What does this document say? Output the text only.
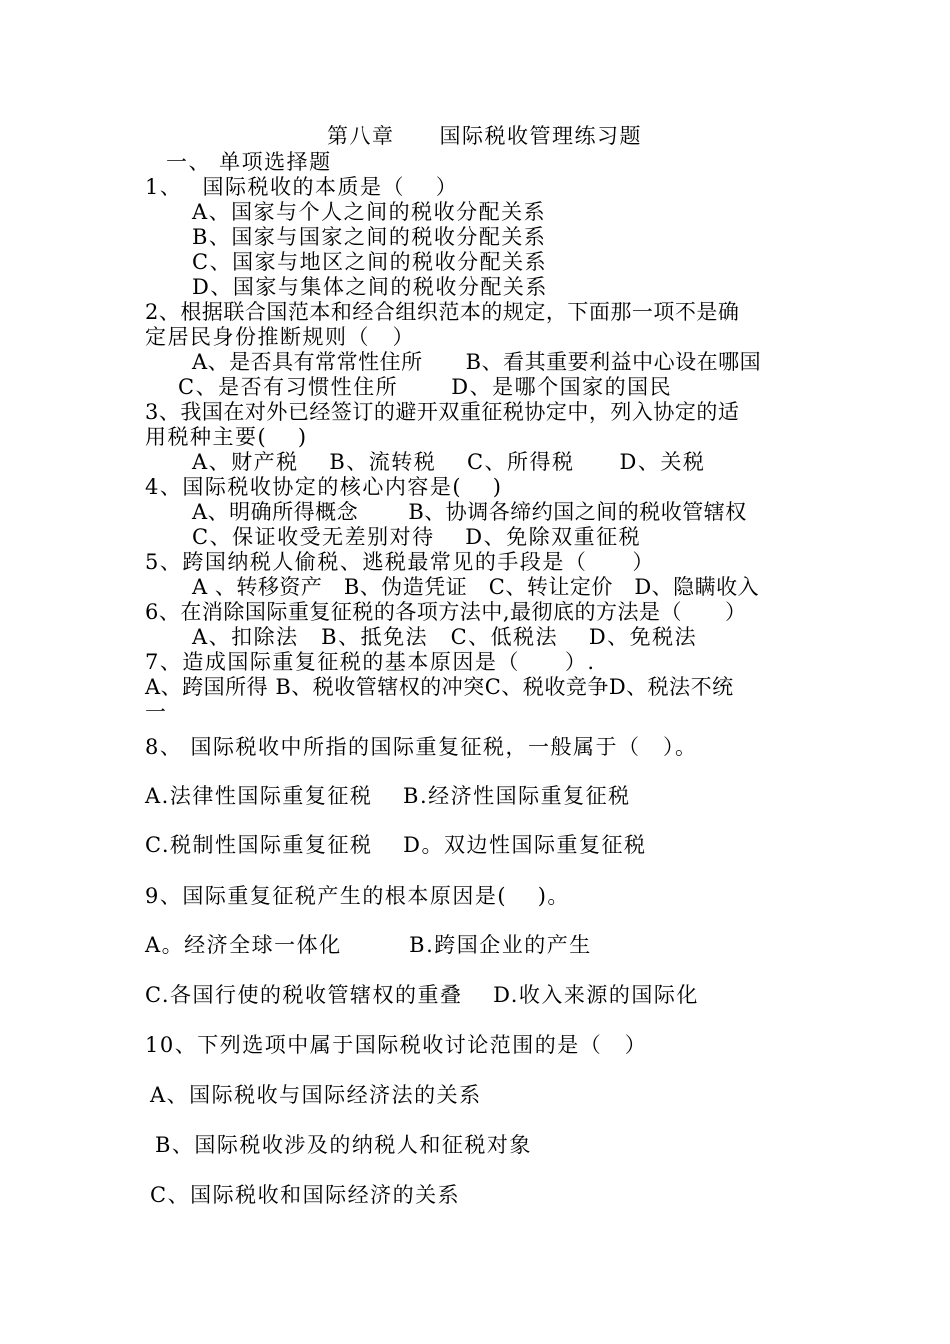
第八章　　国际税收管理练习题
一、 单项选择题
1、　 国际税收的本质是（　 ）
A、国家与个人之间的税收分配关系
B、国家与国家之间的税收分配关系
C、国家与地区之间的税收分配关系
D、国家与集体之间的税收分配关系
2、根据联合国范本和经合组织范本的规定，下面那一项不是确
定居民身份推断规则（　）
A、是否具有常常性住所　　B、看其重要利益中心设在哪国
C、是否有习惯性住所　　 D、是哪个国家的国民
3、我国在对外已经签订的避开双重征税协定中，列入协定的适
用税种主要(　 )
A、财产税　 B、流转税　 C、所得税　　D、关税
4、国际税收协定的核心内容是(　 )
A、明确所得概念　　 B、协调各缔约国之间的税收管辖权
C、保证收受无差别对待　 D、免除双重征税
5、跨国纳税人偷税、逃税最常见的手段是（　　）
A 、转移资产　B、伪造凭证　C、转让定价　D、隐瞒收入
6、在消除国际重复征税的各项方法中,最彻底的方法是（　　）
A、扣除法　B、抵免法　C、低税法　 D、免税法
7、造成国际重复征税的基本原因是（　　）.
A、跨国所得 B、税收管辖权的冲突C、税收竞争D、税法不统
一
8、 国际税收中所指的国际重复征税，一般属于（　）。
A.法律性国际重复征税　 B.经济性国际重复征税
C.税制性国际重复征税　 D。双边性国际重复征税
9、国际重复征税产生的根本原因是(　 )。
A。经济全球一体化　　　B.跨国企业的产生
C.各国行使的税收管辖权的重叠　 D.收入来源的国际化
10、下列选项中属于国际税收讨论范围的是（　）
A、国际税收与国际经济法的关系
B、国际税收涉及的纳税人和征税对象
C、国际税收和国际经济的关系
